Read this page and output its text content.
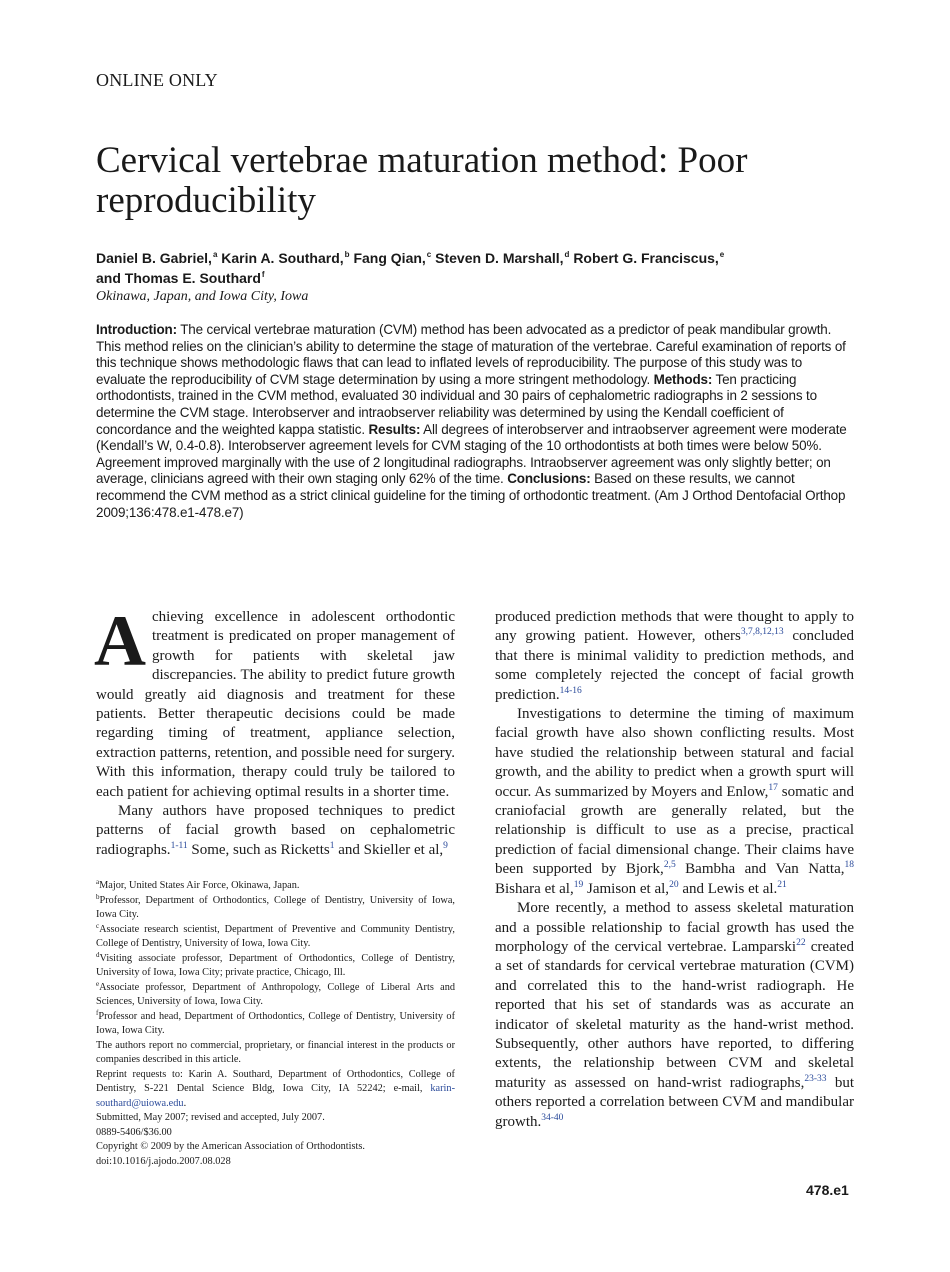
ONLINE ONLY
Cervical vertebrae maturation method: Poor reproducibility
Daniel B. Gabriel,$^a$ Karin A. Southard,$^b$ Fang Qian,$^c$ Steven D. Marshall,$^d$ Robert G. Franciscus,$^e$
and Thomas E. Southard$^f$
Okinawa, Japan, and Iowa City, Iowa
Introduction: The cervical vertebrae maturation (CVM) method has been advocated as a predictor of peak mandibular growth. This method relies on the clinician’s ability to determine the stage of maturation of the vertebrae. Careful examination of reports of this technique shows methodologic flaws that can lead to inflated levels of reproducibility. The purpose of this study was to evaluate the reproducibility of CVM stage determination by using a more stringent methodology. Methods: Ten practicing orthodontists, trained in the CVM method, evaluated 30 individual and 30 pairs of cephalometric radiographs in 2 sessions to determine the CVM stage. Interobserver and intraobserver reliability was determined by using the Kendall coefficient of concordance and the weighted kappa statistic. Results: All degrees of interobserver and intraobserver agreement were moderate (Kendall’s W, 0.4-0.8). Interobserver agreement levels for CVM staging of the 10 orthodontists at both times were below 50%. Agreement improved marginally with the use of 2 longitudinal radiographs. Intraobserver agreement was only slightly better; on average, clinicians agreed with their own staging only 62% of the time. Conclusions: Based on these results, we cannot recommend the CVM method as a strict clinical guideline for the timing of orthodontic treatment. (Am J Orthod Dentofacial Orthop 2009;136:478.e1-478.e7)

Achieving excellence in adolescent orthodontic treatment is predicated on proper management of growth for patients with skeletal jaw discrepancies. The ability to predict future growth would greatly aid diagnosis and treatment for these patients. Better therapeutic decisions could be made regarding timing of treatment, appliance selection, extraction patterns, retention, and possible need for surgery. With this information, therapy could truly be tailored to each patient for achieving optimal results in a shorter time.

Many authors have proposed techniques to predict patterns of facial growth based on cephalometric radiographs.$^{1-11}$ Some, such as Ricketts$^1$ and Skieller et al,$^9$

$^a$Major, United States Air Force, Okinawa, Japan.
$^b$Professor, Department of Orthodontics, College of Dentistry, University of Iowa, Iowa City.
$^c$Associate research scientist, Department of Preventive and Community Dentistry, College of Dentistry, University of Iowa, Iowa City.
$^d$Visiting associate professor, Department of Orthodontics, College of Dentistry, University of Iowa, Iowa City; private practice, Chicago, Ill.
$^e$Associate professor, Department of Anthropology, College of Liberal Arts and Sciences, University of Iowa, Iowa City.
$^f$Professor and head, Department of Orthodontics, College of Dentistry, University of Iowa, Iowa City.
The authors report no commercial, proprietary, or financial interest in the products or companies described in this article.
Reprint requests to: Karin A. Southard, Department of Orthodontics, College of Dentistry, S-221 Dental Science Bldg, Iowa City, IA 52242; e-mail, karin-southard@uiowa.edu.
Submitted, May 2007; revised and accepted, July 2007.
0889-5406/$36.00
Copyright © 2009 by the American Association of Orthodontists.
doi:10.1016/j.ajodo.2007.08.028

produced prediction methods that were thought to apply to any growing patient. However, others$^{3,7,8,12,13}$ concluded that there is minimal validity to prediction methods, and some completely rejected the concept of facial growth prediction.$^{14-16}$

Investigations to determine the timing of maximum facial growth have also shown conflicting results. Most have studied the relationship between statural and facial growth, and the ability to predict when a growth spurt will occur. As summarized by Moyers and Enlow,$^{17}$ somatic and craniofacial growth are generally related, but the relationship is difficult to use as a precise, practical prediction of facial dimensional change. Their claims have been supported by Bjork,$^{2,5}$ Bambha and Van Natta,$^{18}$ Bishara et al,$^{19}$ Jamison et al,$^{20}$ and Lewis et al.$^{21}$

More recently, a method to assess skeletal maturation and a possible relationship to facial growth has used the morphology of the cervical vertebrae. Lamparski$^{22}$ created a set of standards for cervical vertebrae maturation (CVM) and correlated this to the hand-wrist radiograph. He reported that his set of standards was as accurate an indicator of skeletal maturity as the hand-wrist method. Subsequently, other authors have reported, to differing extents, the relationship between CVM and skeletal maturity as assessed on hand-wrist radiographs,$^{23-33}$ but others reported a correlation between CVM and mandibular growth.$^{34-40}$

478.e1
